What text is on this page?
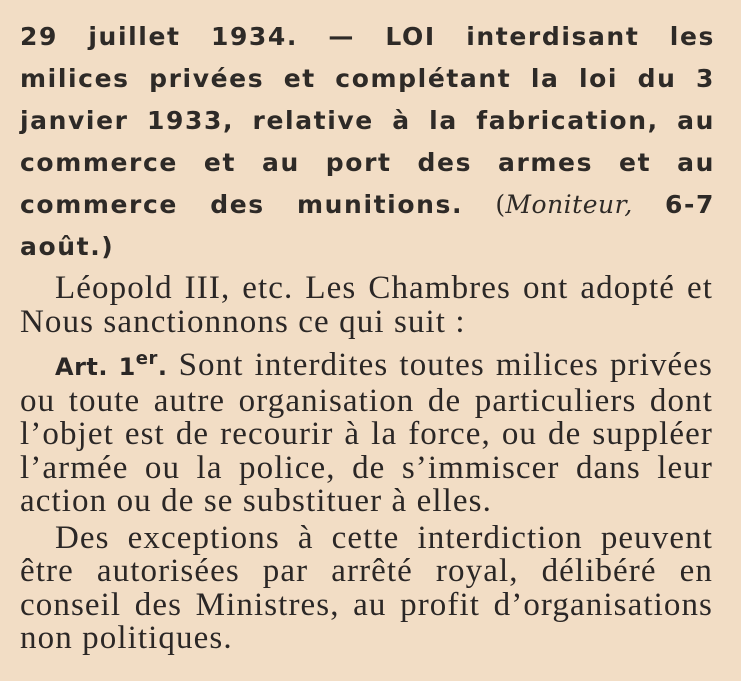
29 juillet 1934. — LOI interdisant les milices privées et complétant la loi du 3 janvier 1933, relative à la fabrication, au commerce et au port des armes et au commerce des munitions. (Moniteur, 6-7 août.)

Léopold III, etc. Les Chambres ont adopté et Nous sanctionnons ce qui suit :

Art. 1er. Sont interdites toutes milices privées ou toute autre organisation de particuliers dont l’objet est de recourir à la force, ou de suppléer l’armée ou la police, de s’immiscer dans leur action ou de se substituer à elles.

Des exceptions à cette interdiction peuvent être autorisées par arrêté royal, délibéré en conseil des Ministres, au profit d’organisations non politiques.
